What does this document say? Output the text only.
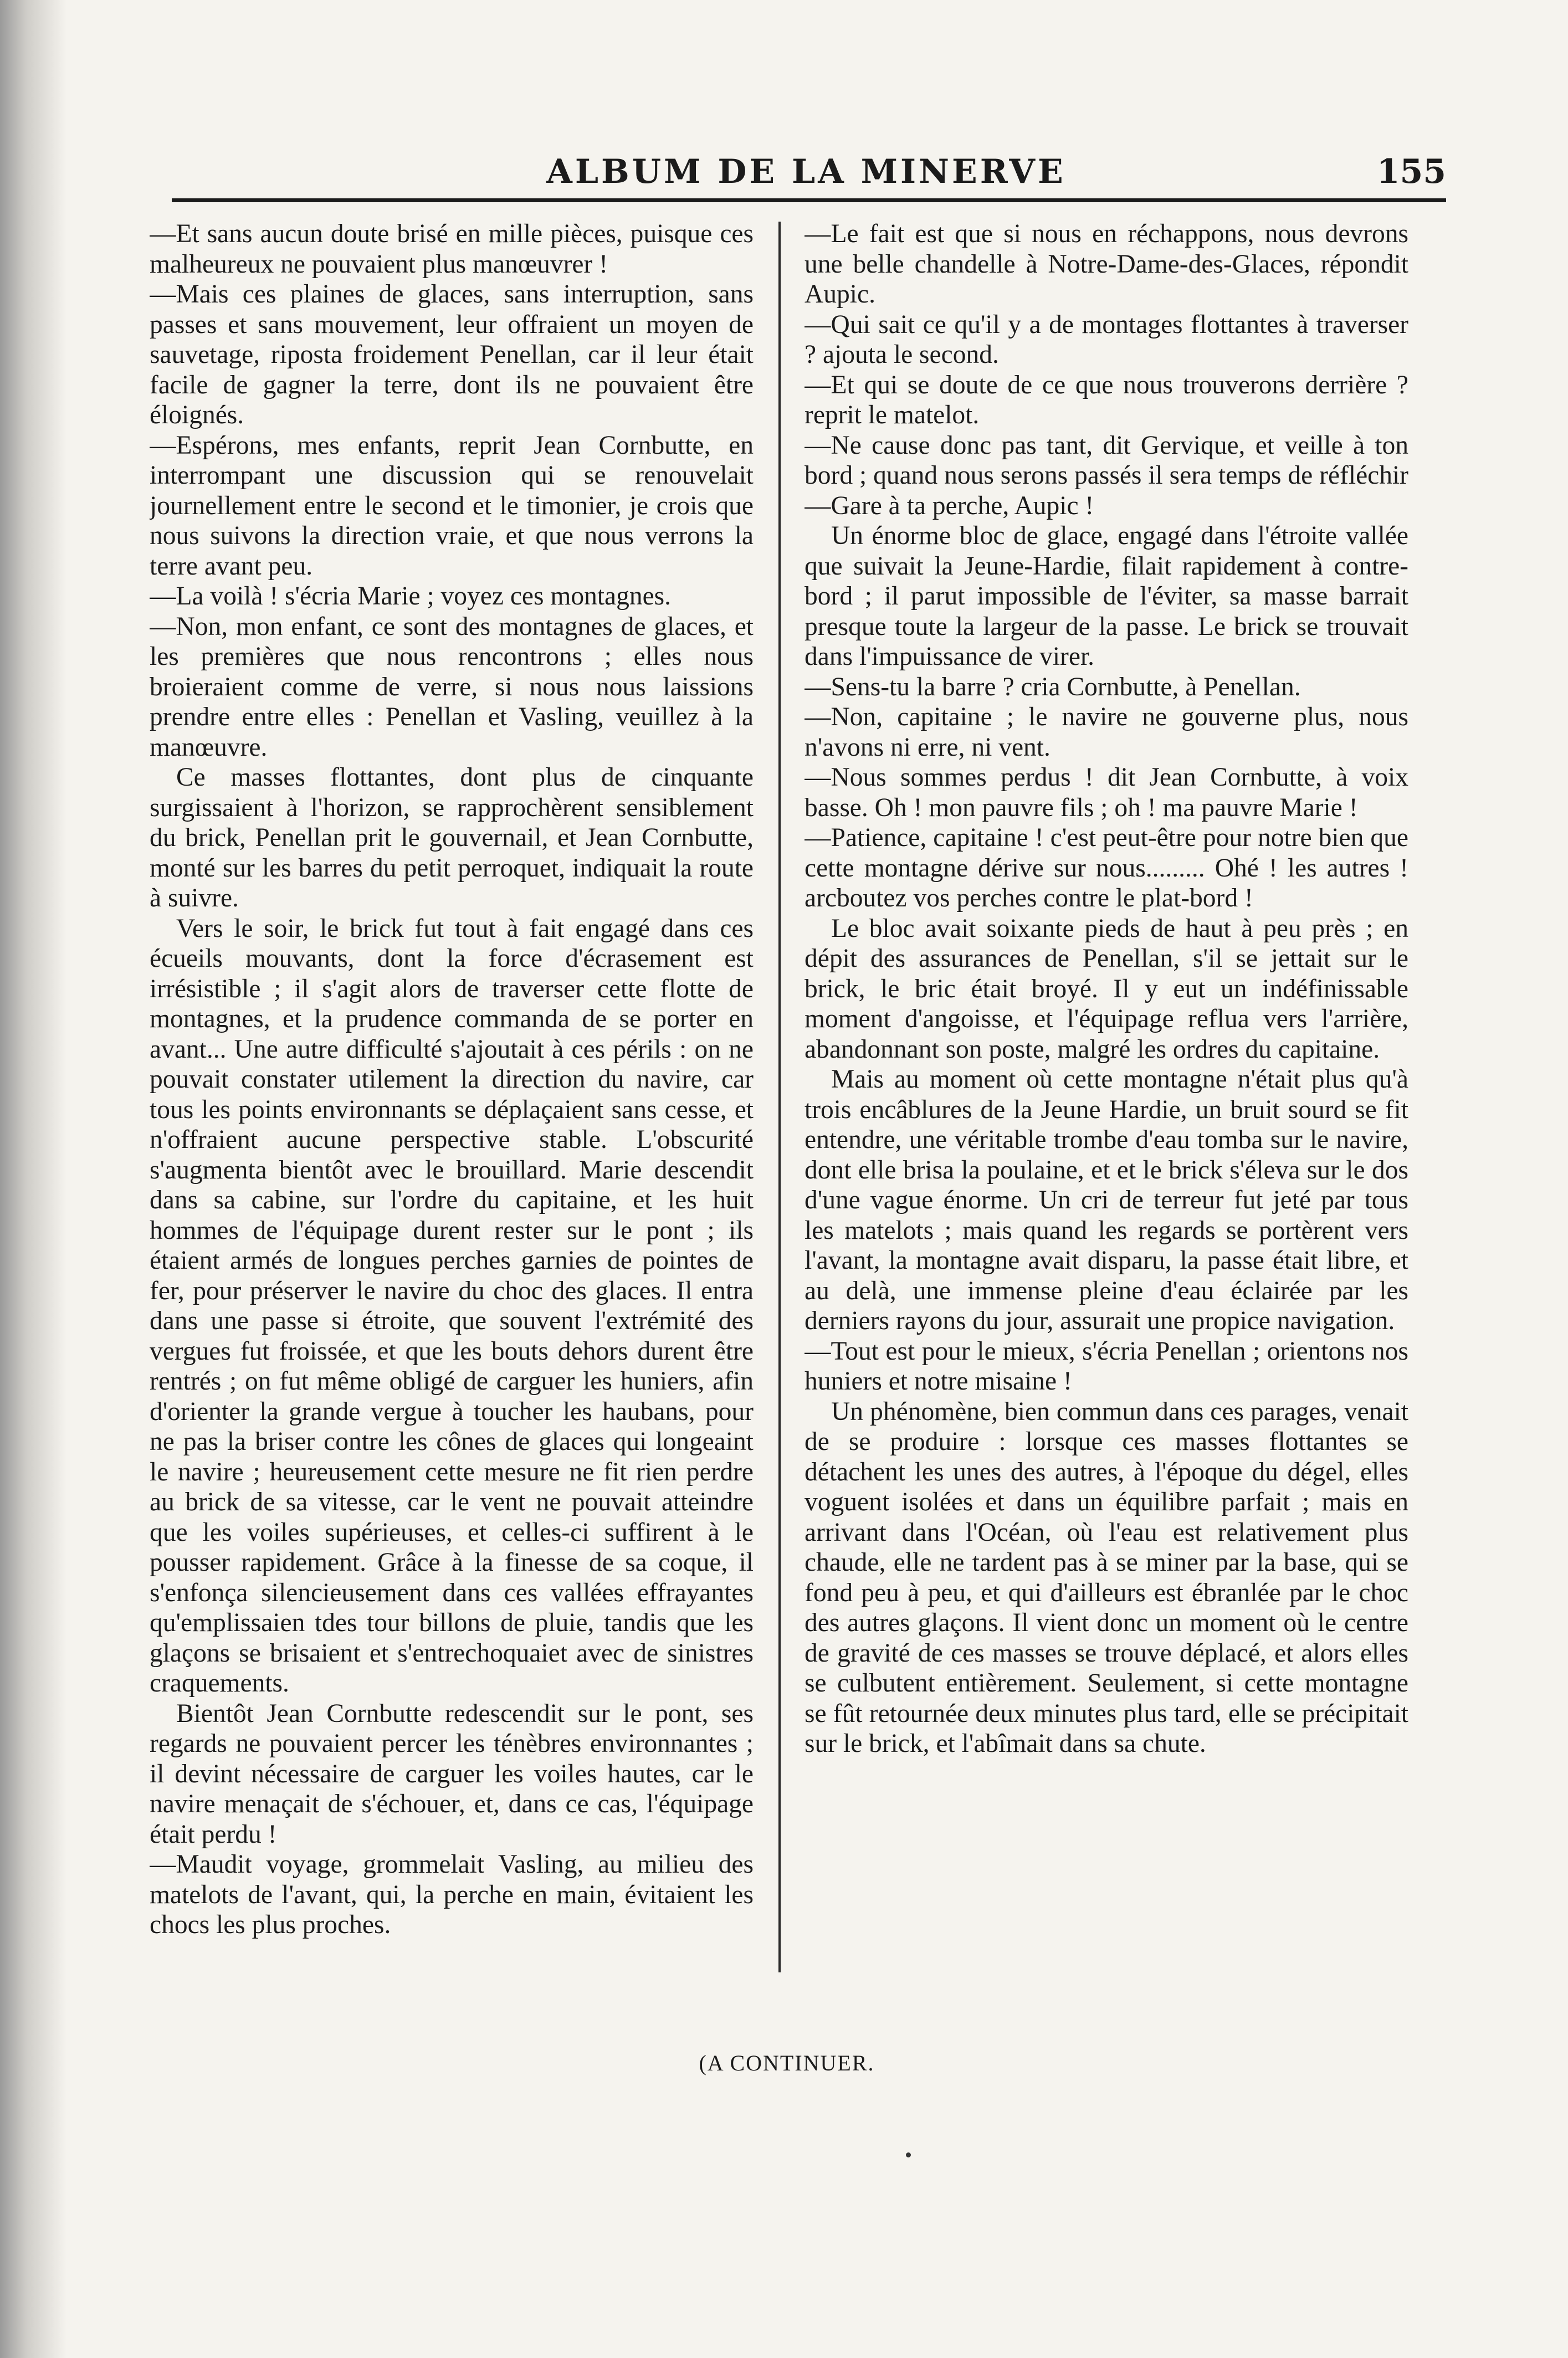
ALBUM DE LA MINERVE	155

—Et sans aucun doute brisé en mille pièces, puisque ces malheureux ne pouvaient plus manœuvrer !

—Mais ces plaines de glaces, sans interruption, sans passes et sans mouvement, leur offraient un moyen de sauvetage, riposta froidement Penellan, car il leur était facile de gagner la terre, dont ils ne pouvaient être éloignés.

—Espérons, mes enfants, reprit Jean Cornbutte, en interrompant une discussion qui se renouvelait journellement entre le second et le timonier, je crois que nous suivons la direction vraie, et que nous verrons la terre avant peu.

—La voilà ! s'écria Marie ; voyez ces montagnes.

—Non, mon enfant, ce sont des montagnes de glaces, et les premières que nous rencontrons ; elles nous broieraient comme de verre, si nous nous laissions prendre entre elles : Penellan et Vasling, veuillez à la manœuvre.

Ce masses flottantes, dont plus de cinquante surgissaient à l'horizon, se rapprochèrent sensiblement du brick, Penellan prit le gouvernail, et Jean Cornbutte, monté sur les barres du petit perroquet, indiquait la route à suivre.

Vers le soir, le brick fut tout à fait engagé dans ces écueils mouvants, dont la force d'écrasement est irrésistible ; il s'agit alors de traverser cette flotte de montagnes, et la prudence commanda de se porter en avant... Une autre difficulté s'ajoutait à ces périls : on ne pouvait constater utilement la direction du navire, car tous les points environnants se déplaçaient sans cesse, et n'offraient aucune perspective stable. L'obscurité s'augmenta bientôt avec le brouillard. Marie descendit dans sa cabine, sur l'ordre du capitaine, et les huit hommes de l'équipage durent rester sur le pont ; ils étaient armés de longues perches garnies de pointes de fer, pour préserver le navire du choc des glaces. Il entra dans une passe si étroite, que souvent l'extrémité des vergues fut froissée, et que les bouts dehors durent être rentrés ; on fut même obligé de carguer les huniers, afin d'orienter la grande vergue à toucher les haubans, pour ne pas la briser contre les cônes de glaces qui longeaint le navire ; heureusement cette mesure ne fit rien perdre au brick de sa vitesse, car le vent ne pouvait atteindre que les voiles supérieuses, et celles-ci suffirent à le pousser rapidement. Grâce à la finesse de sa coque, il s'enfonça silencieusement dans ces vallées effrayantes qu'emplissaien tdes tour billons de pluie, tandis que les glaçons se brisaient et s'entrechoquaiet avec de sinistres craquements.

Bientôt Jean Cornbutte redescendit sur le pont, ses regards ne pouvaient percer les ténèbres environnantes ; il devint nécessaire de carguer les voiles hautes, car le navire menaçait de s'échouer, et, dans ce cas, l'équipage était perdu !

—Maudit voyage, grommelait Vasling, au milieu des matelots de l'avant, qui, la perche en main, évitaient les chocs les plus proches.

—Le fait est que si nous en réchappons, nous devrons une belle chandelle à Notre-Dame-des-Glaces, répondit Aupic.

—Qui sait ce qu'il y a de montages flottantes à traverser ? ajouta le second.

—Et qui se doute de ce que nous trouverons derrière ? reprit le matelot.

—Ne cause donc pas tant, dit Gervique, et veille à ton bord ; quand nous serons passés il sera temps de réfléchir—Gare à ta perche, Aupic !

Un énorme bloc de glace, engagé dans l'étroite vallée que suivait la Jeune-Hardie, filait rapidement à contre-bord ; il parut impossible de l'éviter, sa masse barrait presque toute la largeur de la passe. Le brick se trouvait dans l'impuissance de virer.

—Sens-tu la barre ? cria Cornbutte, à Penellan.

—Non, capitaine ; le navire ne gouverne plus, nous n'avons ni erre, ni vent.

—Nous sommes perdus ! dit Jean Cornbutte, à voix basse. Oh ! mon pauvre fils ; oh ! ma pauvre Marie !

—Patience, capitaine ! c'est peut-être pour notre bien que cette montagne dérive sur nous......... Ohé ! les autres ! arcboutez vos perches contre le plat-bord !

Le bloc avait soixante pieds de haut à peu près ; en dépit des assurances de Penellan, s'il se jettait sur le brick, le bric était broyé. Il y eut un indéfinissable moment d'angoisse, et l'équipage reflua vers l'arrière, abandonnant son poste, malgré les ordres du capitaine.

Mais au moment où cette montagne n'était plus qu'à trois encâblures de la Jeune Hardie, un bruit sourd se fit entendre, une véritable trombe d'eau tomba sur le navire, dont elle brisa la poulaine, et et le brick s'éleva sur le dos d'une vague énorme. Un cri de terreur fut jeté par tous les matelots ; mais quand les regards se portèrent vers l'avant, la montagne avait disparu, la passe était libre, et au delà, une immense pleine d'eau éclairée par les derniers rayons du jour, assurait une propice navigation.

—Tout est pour le mieux, s'écria Penellan ; orientons nos huniers et notre misaine !

Un phénomène, bien commun dans ces parages, venait de se produire : lorsque ces masses flottantes se détachent les unes des autres, à l'époque du dégel, elles voguent isolées et dans un équilibre parfait ; mais en arrivant dans l'Océan, où l'eau est relativement plus chaude, elle ne tardent pas à se miner par la base, qui se fond peu à peu, et qui d'ailleurs est ébranlée par le choc des autres glaçons. Il vient donc un moment où le centre de gravité de ces masses se trouve déplacé, et alors elles se culbutent entièrement. Seulement, si cette montagne se fût retournée deux minutes plus tard, elle se précipitait sur le brick, et l'abîmait dans sa chute.

(A CONTINUER.
